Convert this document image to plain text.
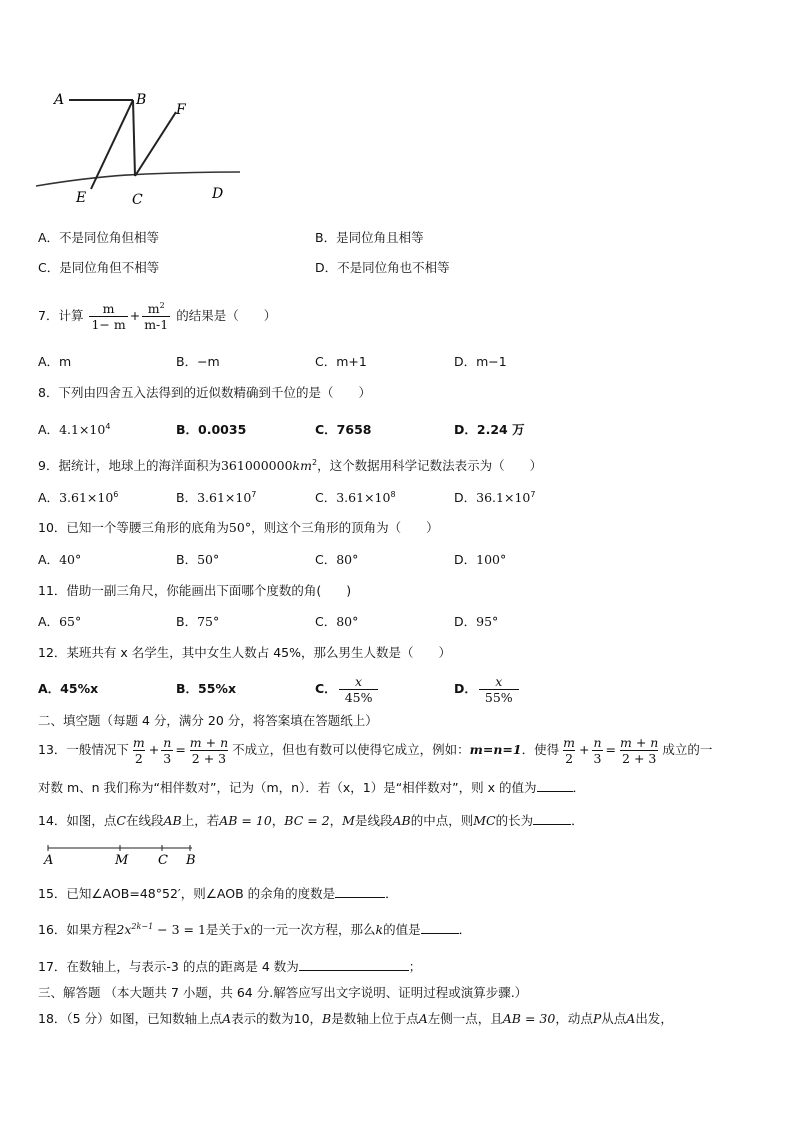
A	B
F
E	C	D
A．不是同位角但相等	B．是同位角且相等
C．是同位角但不相等	D．不是同位角也不相等
7．计算 $\frac{m}{1- m} + \frac{m^2}{m-1}$ 的结果是（　　）
A．m	B．−m	C．m+1	D．m−1
8．下列由四舍五入法得到的近似数精确到千位的是（　　）
A．$4.1\times 10^4$	B．0.0035	C．7658	D．2.24 万
9．据统计，地球上的海洋面积为$361000000km^2$，这个数据用科学记数法表示为（　　）
A．$3.61\times 10^6$	B．$3.61\times 10^7$	C．$3.61\times 10^8$	D．$36.1\times 10^7$
10．已知一个等腰三角形的底角为50°，则这个三角形的顶角为（　　）
A．40°	B．50°	C．80°	D．100°
11．借助一副三角尺，你能画出下面哪个度数的角(　　)
A．65°	B．75°	C．80°	D．95°
12．某班共有 x 名学生，其中女生人数占 45%，那么男生人数是（　　）
A．45%x	B．55%x	C． $\frac{x}{45\%}$	D． $\frac{x}{55\%}$
二、填空题（每题 4 分，满分 20 分，将答案填在答题纸上）
13．一般情况下 $\frac{m}{2} + \frac{n}{3} = \frac{m + n}{2 + 3}$ 不成立，但也有数可以使得它成立，例如：m=n=1．使得 $\frac{m}{2} + \frac{n}{3} = \frac{m + n}{2 + 3}$ 成立的一
对数 m、n 我们称为“相伴数对”，记为（m，n）．若（x，1）是“相伴数对”，则 x 的值为	．
14．如图，点C在线段AB上，若AB = 10，BC = 2，M是线段AB的中点，则MC的长为	．
A	M C B
15．已知∠AOB=48°52′，则∠AOB 的余角的度数是	．
16．如果方程$2x^{2k-1} - 3 = 1$是关于x的一元一次方程，那么k的值是	．
17．在数轴上，与表示-3 的点的距离是 4 数为	；
三、解答题 （本大题共 7 小题，共 64 分.解答应写出文字说明、证明过程或演算步骤.）
18．（5 分）如图，已知数轴上点A表示的数为10，B是数轴上位于点A左侧一点，且AB = 30，动点P从点A出发，
